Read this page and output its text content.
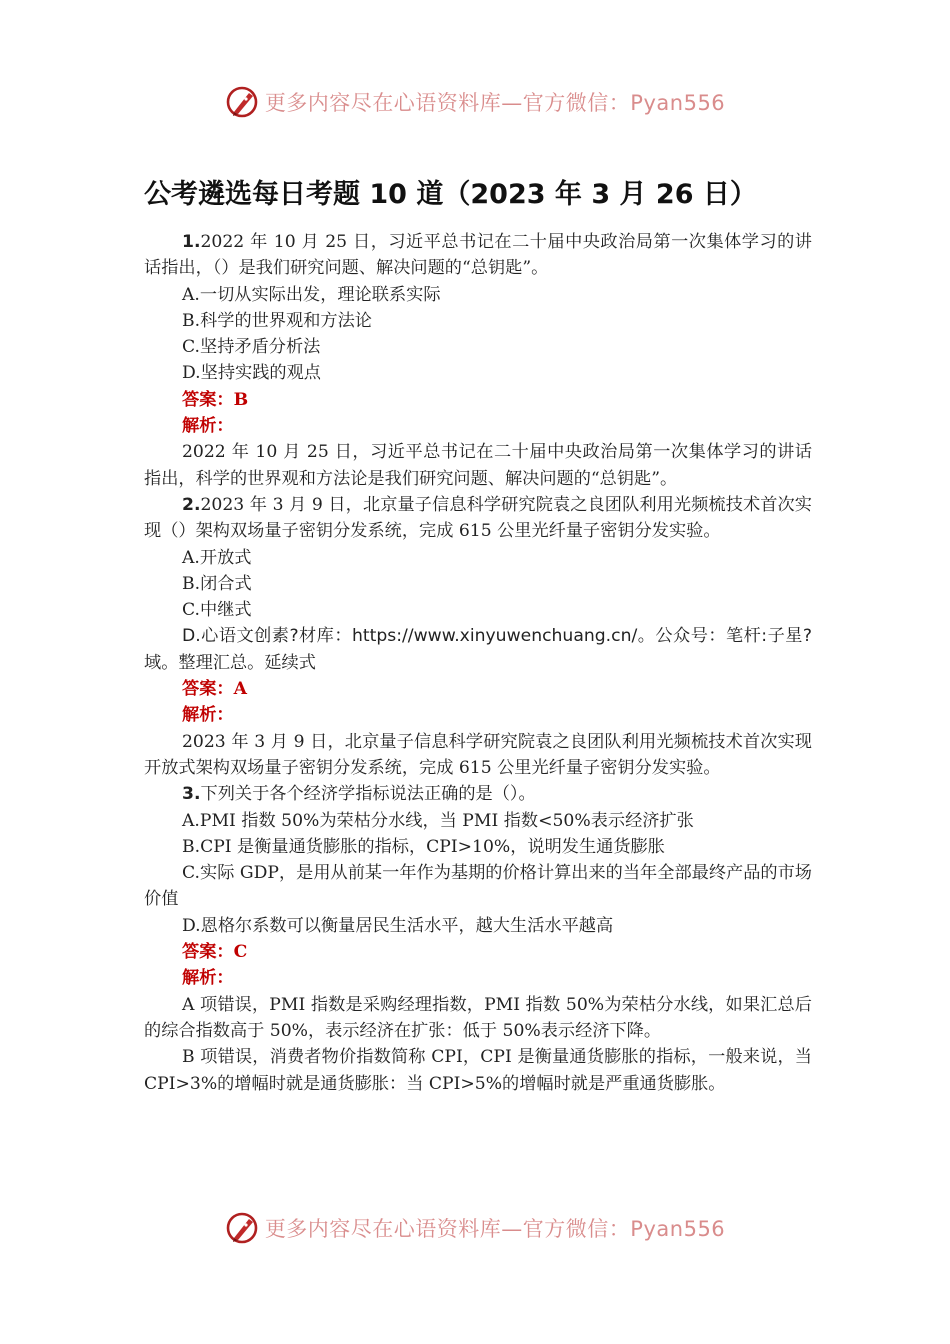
更多内容尽在心语资料库—官方微信：Pyan556
公考遴选每日考题 10 道（2023 年 3 月 26 日）

1.2022 年 10 月 25 日，习近平总书记在二十届中央政治局第一次集体学习的讲话指出，（）是我们研究问题、解决问题的“总钥匙”。

A.一切从实际出发，理论联系实际

B.科学的世界观和方法论

C.坚持矛盾分析法

D.坚持实践的观点

答案：B

解析：

2022 年 10 月 25 日，习近平总书记在二十届中央政治局第一次集体学习的讲话指出，科学的世界观和方法论是我们研究问题、解决问题的“总钥匙”。

2.2023 年 3 月 9 日，北京量子信息科学研究院袁之良团队利用光频梳技术首次实现（）架构双场量子密钥分发系统，完成 615 公里光纤量子密钥分发实验。

A.开放式

B.闭合式

C.中继式

D.心语文创素?材库：https://www.xinyuwenchuang.cn/。公众号：笔杆:子星?域。整理汇总。延续式

答案：A

解析：

2023 年 3 月 9 日，北京量子信息科学研究院袁之良团队利用光频梳技术首次实现开放式架构双场量子密钥分发系统，完成 615 公里光纤量子密钥分发实验。

3.下列关于各个经济学指标说法正确的是（）。

A.PMI 指数 50%为荣枯分水线，当 PMI 指数<50%表示经济扩张

B.CPI 是衡量通货膨胀的指标，CPI>10%，说明发生通货膨胀

C.实际 GDP，是用从前某一年作为基期的价格计算出来的当年全部最终产品的市场价值

D.恩格尔系数可以衡量居民生活水平，越大生活水平越高

答案：C

解析：

A 项错误，PMI 指数是采购经理指数，PMI 指数 50%为荣枯分水线，如果汇总后的综合指数高于 50%，表示经济在扩张：低于 50%表示经济下降。

B 项错误，消费者物价指数简称 CPI，CPI 是衡量通货膨胀的指标，一般来说，当 CPI>3%的增幅时就是通货膨胀：当 CPI>5%的增幅时就是严重通货膨胀。

更多内容尽在心语资料库—官方微信：Pyan556
